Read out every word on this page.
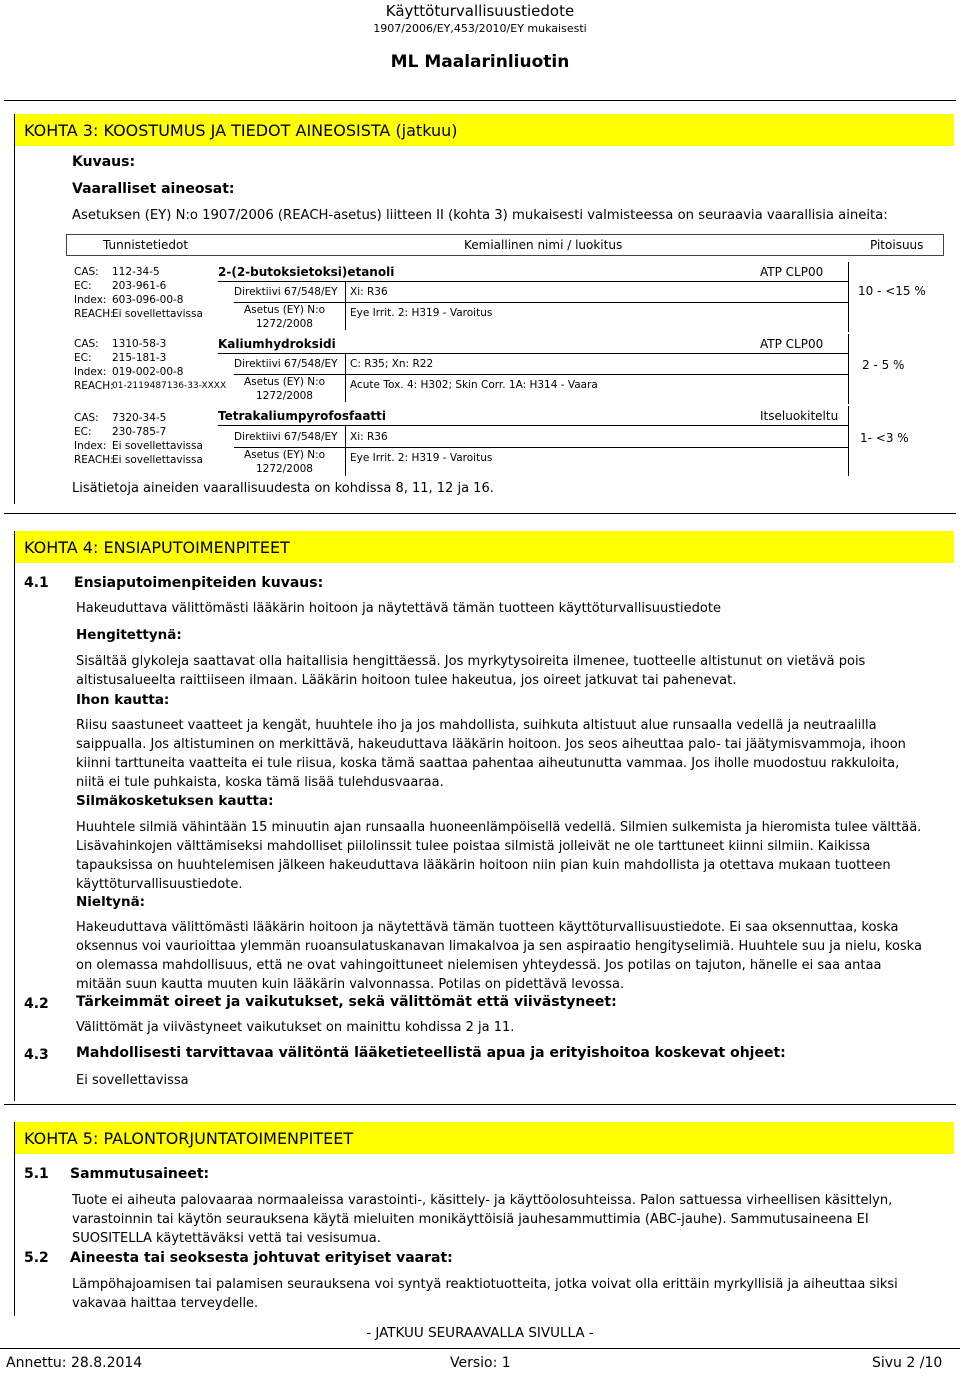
Käyttöturvallisuustiedote
1907/2006/EY,453/2010/EY mukaisesti
ML Maalarinliuotin
KOHTA 3: KOOSTUMUS JA TIEDOT AINEOSISTA (jatkuu)
Kuvaus:
Vaaralliset aineosat:
Asetuksen (EY) N:o 1907/2006 (REACH-asetus) liitteen II (kohta 3) mukaisesti valmisteessa on seuraavia vaarallisia aineita:
Tunnistetiedot	Kemiallinen nimi / luokitus	Pitoisuus
CAS: 112-34-5
EC: 203-961-6
Index: 603-096-00-8
REACH:
Ei sovellettavissa
2-(2-butoksietoksi)etanoli	ATP CLP00
Direktiivi 67/548/EY Xi: R36
Asetus (EY) N:o
1272/2008
Eye Irrit. 2: H319 - Varoitus
10 - <15 %
CAS: 1310-58-3
EC: 215-181-3
Index: 019-002-00-8
REACH:
01-2119487136-33-XXXX
Kaliumhydroksidi	ATP CLP00
Direktiivi 67/548/EY C: R35; Xn: R22
Asetus (EY) N:o
1272/2008
Acute Tox. 4: H302; Skin Corr. 1A: H314 - Vaara
2 - 5 %
CAS: 7320-34-5
EC: 230-785-7
Index: Ei sovellettavissa
REACH:
Ei sovellettavissa
Tetrakaliumpyrofosfaatti	Itseluokiteltu
Direktiivi 67/548/EY Xi: R36
Asetus (EY) N:o
1272/2008
Eye Irrit. 2: H319 - Varoitus
1- <3 %
Lisätietoja aineiden vaarallisuudesta on kohdissa 8, 11, 12 ja 16.
KOHTA 4: ENSIAPUTOIMENPITEET
4.1 Ensiaputoimenpiteiden kuvaus:
Hakeuduttava välittömästi lääkärin hoitoon ja näytettävä tämän tuotteen käyttöturvallisuustiedote
Hengitettynä:
Sisältää glykoleja saattavat olla haitallisia hengittäessä. Jos myrkytysoireita ilmenee, tuotteelle altistunut on vietävä pois
altistusalueelta raittiiseen ilmaan. Lääkärin hoitoon tulee hakeutua, jos oireet jatkuvat tai pahenevat.
Ihon kautta:
Riisu saastuneet vaatteet ja kengät, huuhtele iho ja jos mahdollista, suihkuta altistuut alue runsaalla vedellä ja neutraalilla
saippualla. Jos altistuminen on merkittävä, hakeuduttava lääkärin hoitoon. Jos seos aiheuttaa palo- tai jäätymisvammoja, ihoon
kiinni tarttuneita vaatteita ei tule riisua, koska tämä saattaa pahentaa aiheutunutta vammaa. Jos iholle muodostuu rakkuloita,
niitä ei tule puhkaista, koska tämä lisää tulehdusvaaraa.
Silmäkosketuksen kautta:
Huuhtele silmiä vähintään 15 minuutin ajan runsaalla huoneenlämpöisellä vedellä. Silmien sulkemista ja hieromista tulee välttää.
Lisävahinkojen välttämiseksi mahdolliset piilolinssit tulee poistaa silmistä jolleivät ne ole tarttuneet kiinni silmiin. Kaikissa
tapauksissa on huuhtelemisen jälkeen hakeuduttava lääkärin hoitoon niin pian kuin mahdollista ja otettava mukaan tuotteen
käyttöturvallisuustiedote.
Nieltynä:
Hakeuduttava välittömästi lääkärin hoitoon ja näytettävä tämän tuotteen käyttöturvallisuustiedote. Ei saa oksennuttaa, koska
oksennus voi vaurioittaa ylemmän ruoansulatuskanavan limakalvoa ja sen aspiraatio hengityselimiä. Huuhtele suu ja nielu, koska
on olemassa mahdollisuus, että ne ovat vahingoittuneet nielemisen yhteydessä. Jos potilas on tajuton, hänelle ei saa antaa
mitään suun kautta muuten kuin lääkärin valvonnassa. Potilas on pidettävä levossa.
4.2 Tärkeimmät oireet ja vaikutukset, sekä välittömät että viivästyneet:
Välittömät ja viivästyneet vaikutukset on mainittu kohdissa 2 ja 11.
4.3 Mahdollisesti tarvittavaa välitöntä lääketieteellistä apua ja erityishoitoa koskevat ohjeet:
Ei sovellettavissa
KOHTA 5: PALONTORJUNTATOIMENPITEET
5.1 Sammutusaineet:
Tuote ei aiheuta palovaaraa normaaleissa varastointi-, käsittely- ja käyttöolosuhteissa. Palon sattuessa virheellisen käsittelyn,
varastoinnin tai käytön seurauksena käytä mieluiten monikäyttöisiä jauhesammuttimia (ABC-jauhe). Sammutusaineena EI
SUOSITELLA käytettäväksi vettä tai vesisumua.
5.2 Aineesta tai seoksesta johtuvat erityiset vaarat:
Lämpöhajoamisen tai palamisen seurauksena voi syntyä reaktiotuotteita, jotka voivat olla erittäin myrkyllisiä ja aiheuttaa siksi
vakavaa haittaa terveydelle.
- JATKUU SEURAAVALLA SIVULLA -
Annettu: 28.8.2014	Versio: 1	Sivu 2 /10
